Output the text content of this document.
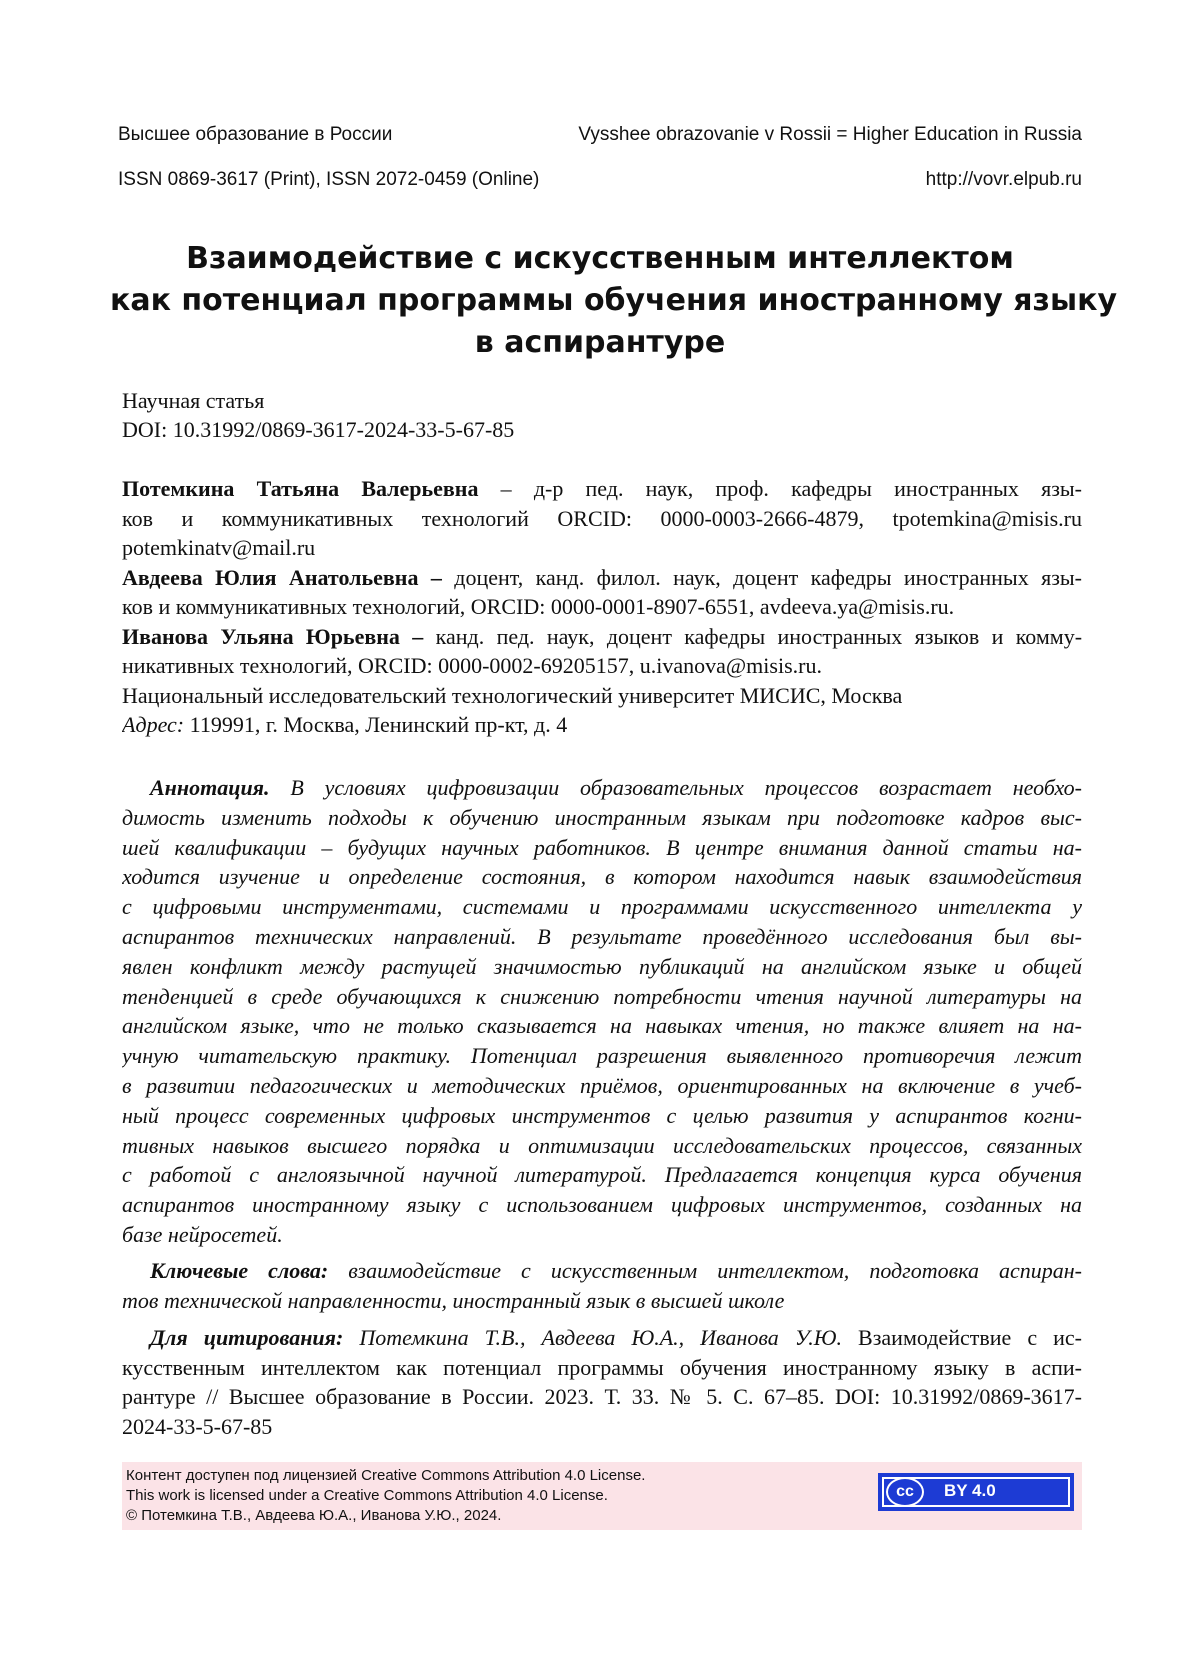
Высшее образование в России	Vysshee obrazovanie v Rossii = Higher Education in Russia
ISSN 0869-3617 (Print), ISSN 2072-0459 (Online)	http://vovr.elpub.ru
Взаимодействие с искусственным интеллектом
как потенциал программы обучения иностранному языку
в аспирантуре
Научная статья
DOI: 10.31992/0869-3617-2024-33-5-67-85
Потемкина Татьяна Валерьевна – д-р пед. наук, проф. кафедры иностранных язы-
ков и коммуникативных технологий ORCID: 0000-0003-2666-4879, tpotemkina@misis.ru
potemkinatv@mail.ru
Авдеева Юлия Анатольевна – доцент, канд. филол. наук, доцент кафедры иностранных язы-
ков и коммуникативных технологий, ORCID: 0000-0001-8907-6551, avdeeva.ya@misis.ru.
Иванова Ульяна Юрьевна – канд. пед. наук, доцент кафедры иностранных языков и комму-
никативных технологий, ORCID: 0000-0002-69205157, u.ivanova@misis.ru.
Национальный исследовательский технологический университет МИСИС, Москва
Адрес: 119991, г. Москва, Ленинский пр-кт, д. 4
Аннотация. В условиях цифровизации образовательных процессов возрастает необхо-
димость изменить подходы к обучению иностранным языкам при подготовке кадров выс-
шей квалификации – будущих научных работников. В центре внимания данной статьи на-
ходится изучение и определение состояния, в котором находится навык взаимодействия
с цифровыми инструментами, системами и программами искусственного интеллекта у
аспирантов технических направлений. В результате проведённого исследования был вы-
явлен конфликт между растущей значимостью публикаций на английском языке и общей
тенденцией в среде обучающихся к снижению потребности чтения научной литературы на
английском языке, что не только сказывается на навыках чтения, но также влияет на на-
учную читательскую практику. Потенциал разрешения выявленного противоречия лежит
в развитии педагогических и методических приёмов, ориентированных на включение в учеб-
ный процесс современных цифровых инструментов с целью развития у аспирантов когни-
тивных навыков высшего порядка и оптимизации исследовательских процессов, связанных
с работой с англоязычной научной литературой. Предлагается концепция курса обучения
аспирантов иностранному языку с использованием цифровых инструментов, созданных на
базе нейросетей.
Ключевые слова: взаимодействие с искусственным интеллектом, подготовка аспиран-
тов технической направленности, иностранный язык в высшей школе
Для цитирования: Потемкина Т.В., Авдеева Ю.А., Иванова У.Ю. Взаимодействие с ис-
кусственным интеллектом как потенциал программы обучения иностранному языку в аспи-
рантуре // Высшее образование в России. 2023. Т. 33. № 5. С. 67–85. DOI: 10.31992/0869-3617-
2024-33-5-67-85
Контент доступен под лицензией Creative Commons Attribution 4.0 License.
This work is licensed under a Creative Commons Attribution 4.0 License.
© Потемкина Т.В., Авдеева Ю.А., Иванова У.Ю., 2024.
cc	BY 4.0
